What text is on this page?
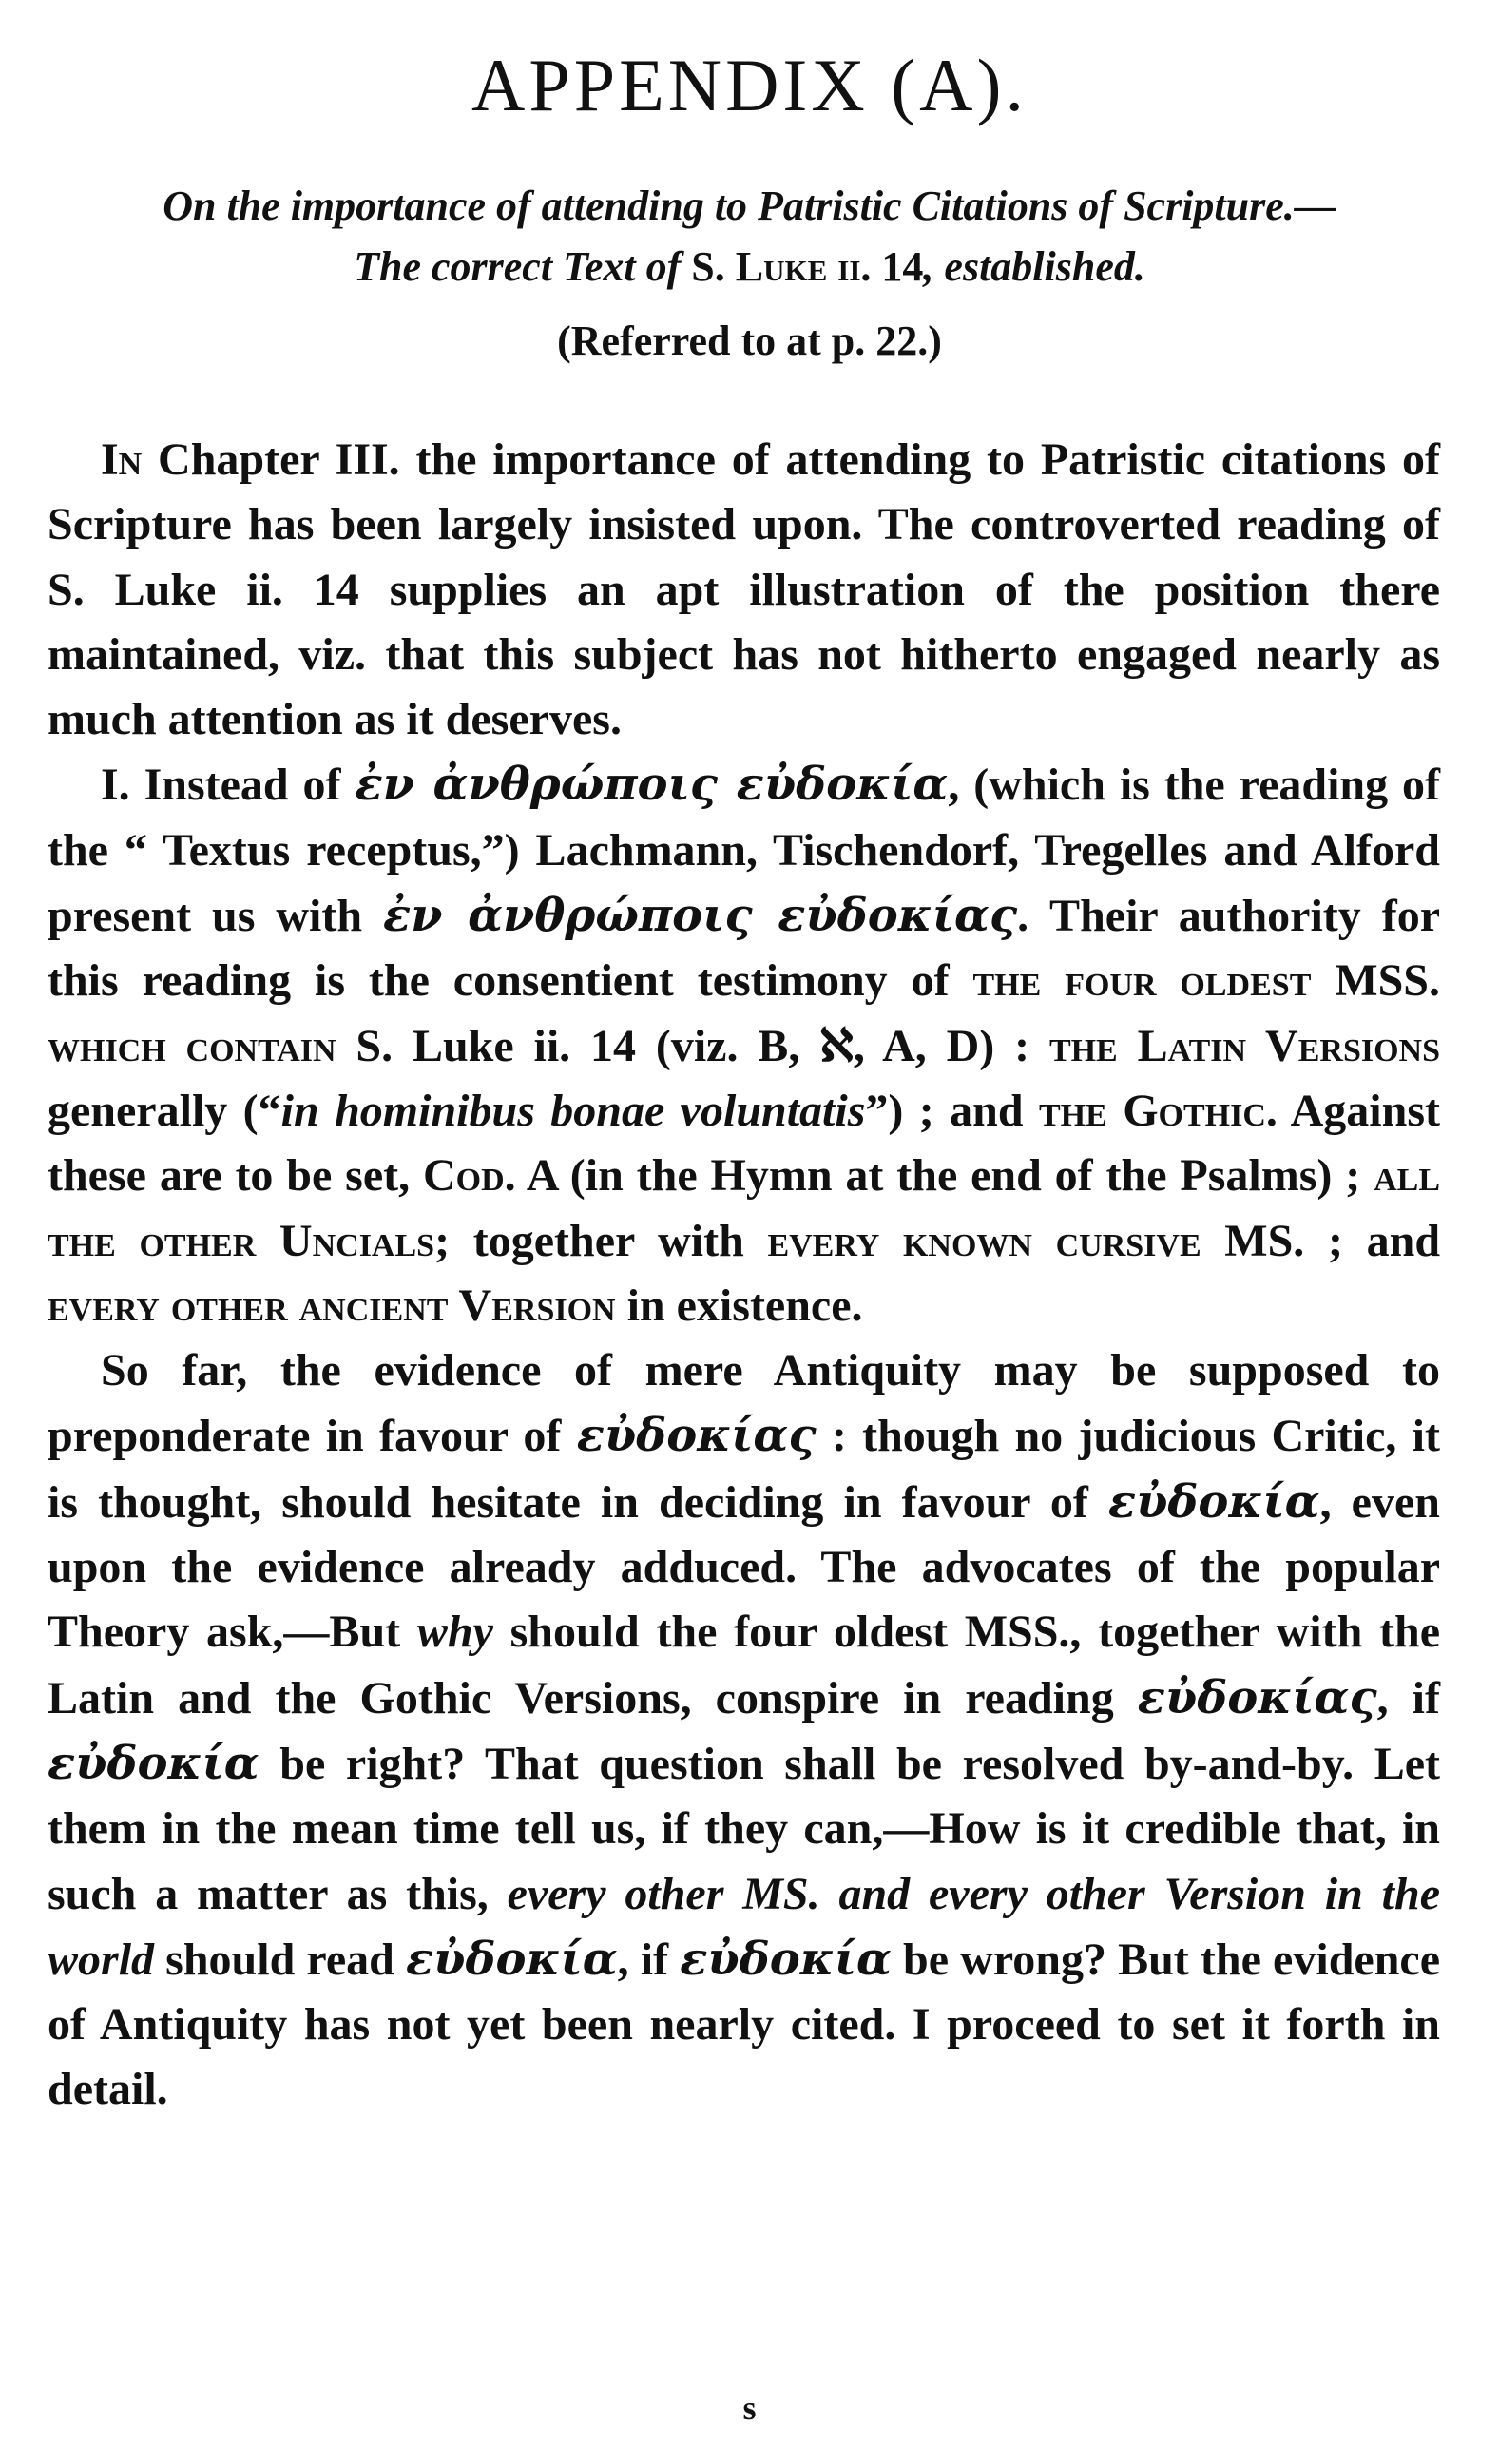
APPENDIX (A).
On the importance of attending to Patristic Citations of Scripture.—
The correct Text of S. Luke ii. 14, established.
(Referred to at p. 22.)

In Chapter III. the importance of attending to Patristic citations of Scripture has been largely insisted upon. The controverted reading of S. Luke ii. 14 supplies an apt illustration of the position there maintained, viz. that this subject has not hitherto engaged nearly as much attention as it deserves.

I. Instead of ἐν ἀνθρώποις εὐδοκία, (which is the reading of the “ Textus receptus,”) Lachmann, Tischendorf, Tregelles and Alford present us with ἐν ἀνθρώποις εὐδοκίας. Their authority for this reading is the consentient testimony of the four oldest MSS. which contain S. Luke ii. 14 (viz. B, ℵ, A, D) : the Latin Versions generally (“in hominibus bonae voluntatis”) ; and the Gothic. Against these are to be set, Cod. A (in the Hymn at the end of the Psalms) ; all the other Uncials; together with every known cursive MS. ; and every other ancient Version in existence.

So far, the evidence of mere Antiquity may be supposed to preponderate in favour of εὐδοκίας : though no judicious Critic, it is thought, should hesitate in deciding in favour of εὐδοκία, even upon the evidence already adduced. The advocates of the popular Theory ask,—But why should the four oldest MSS., together with the Latin and the Gothic Versions, conspire in reading εὐδοκίας, if εὐδοκία be right? That question shall be resolved by-and-by. Let them in the mean time tell us, if they can,—How is it credible that, in such a matter as this, every other MS. and every other Version in the world should read εὐδοκία, if εὐδοκία be wrong? But the evidence of Antiquity has not yet been nearly cited. I proceed to set it forth in detail.

s
